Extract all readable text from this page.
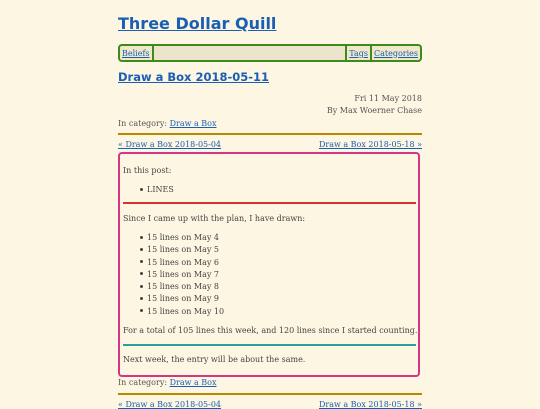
Three Dollar Quill
Beliefs	Tags Categories
Draw a Box 2018-05-11
Fri 11 May 2018
By Max Woerner Chase
In category: Draw a Box
« Draw a Box 2018-05-04	Draw a Box 2018-05-18 »

In this post:

LINES

Since I came up with the plan, I have drawn:

15 lines on May 4
15 lines on May 5
15 lines on May 6
15 lines on May 7
15 lines on May 8
15 lines on May 9
15 lines on May 10

For a total of 105 lines this week, and 120 lines since I started counting.

Next week, the entry will be about the same.

In category: Draw a Box
« Draw a Box 2018-05-04	Draw a Box 2018-05-18 »
